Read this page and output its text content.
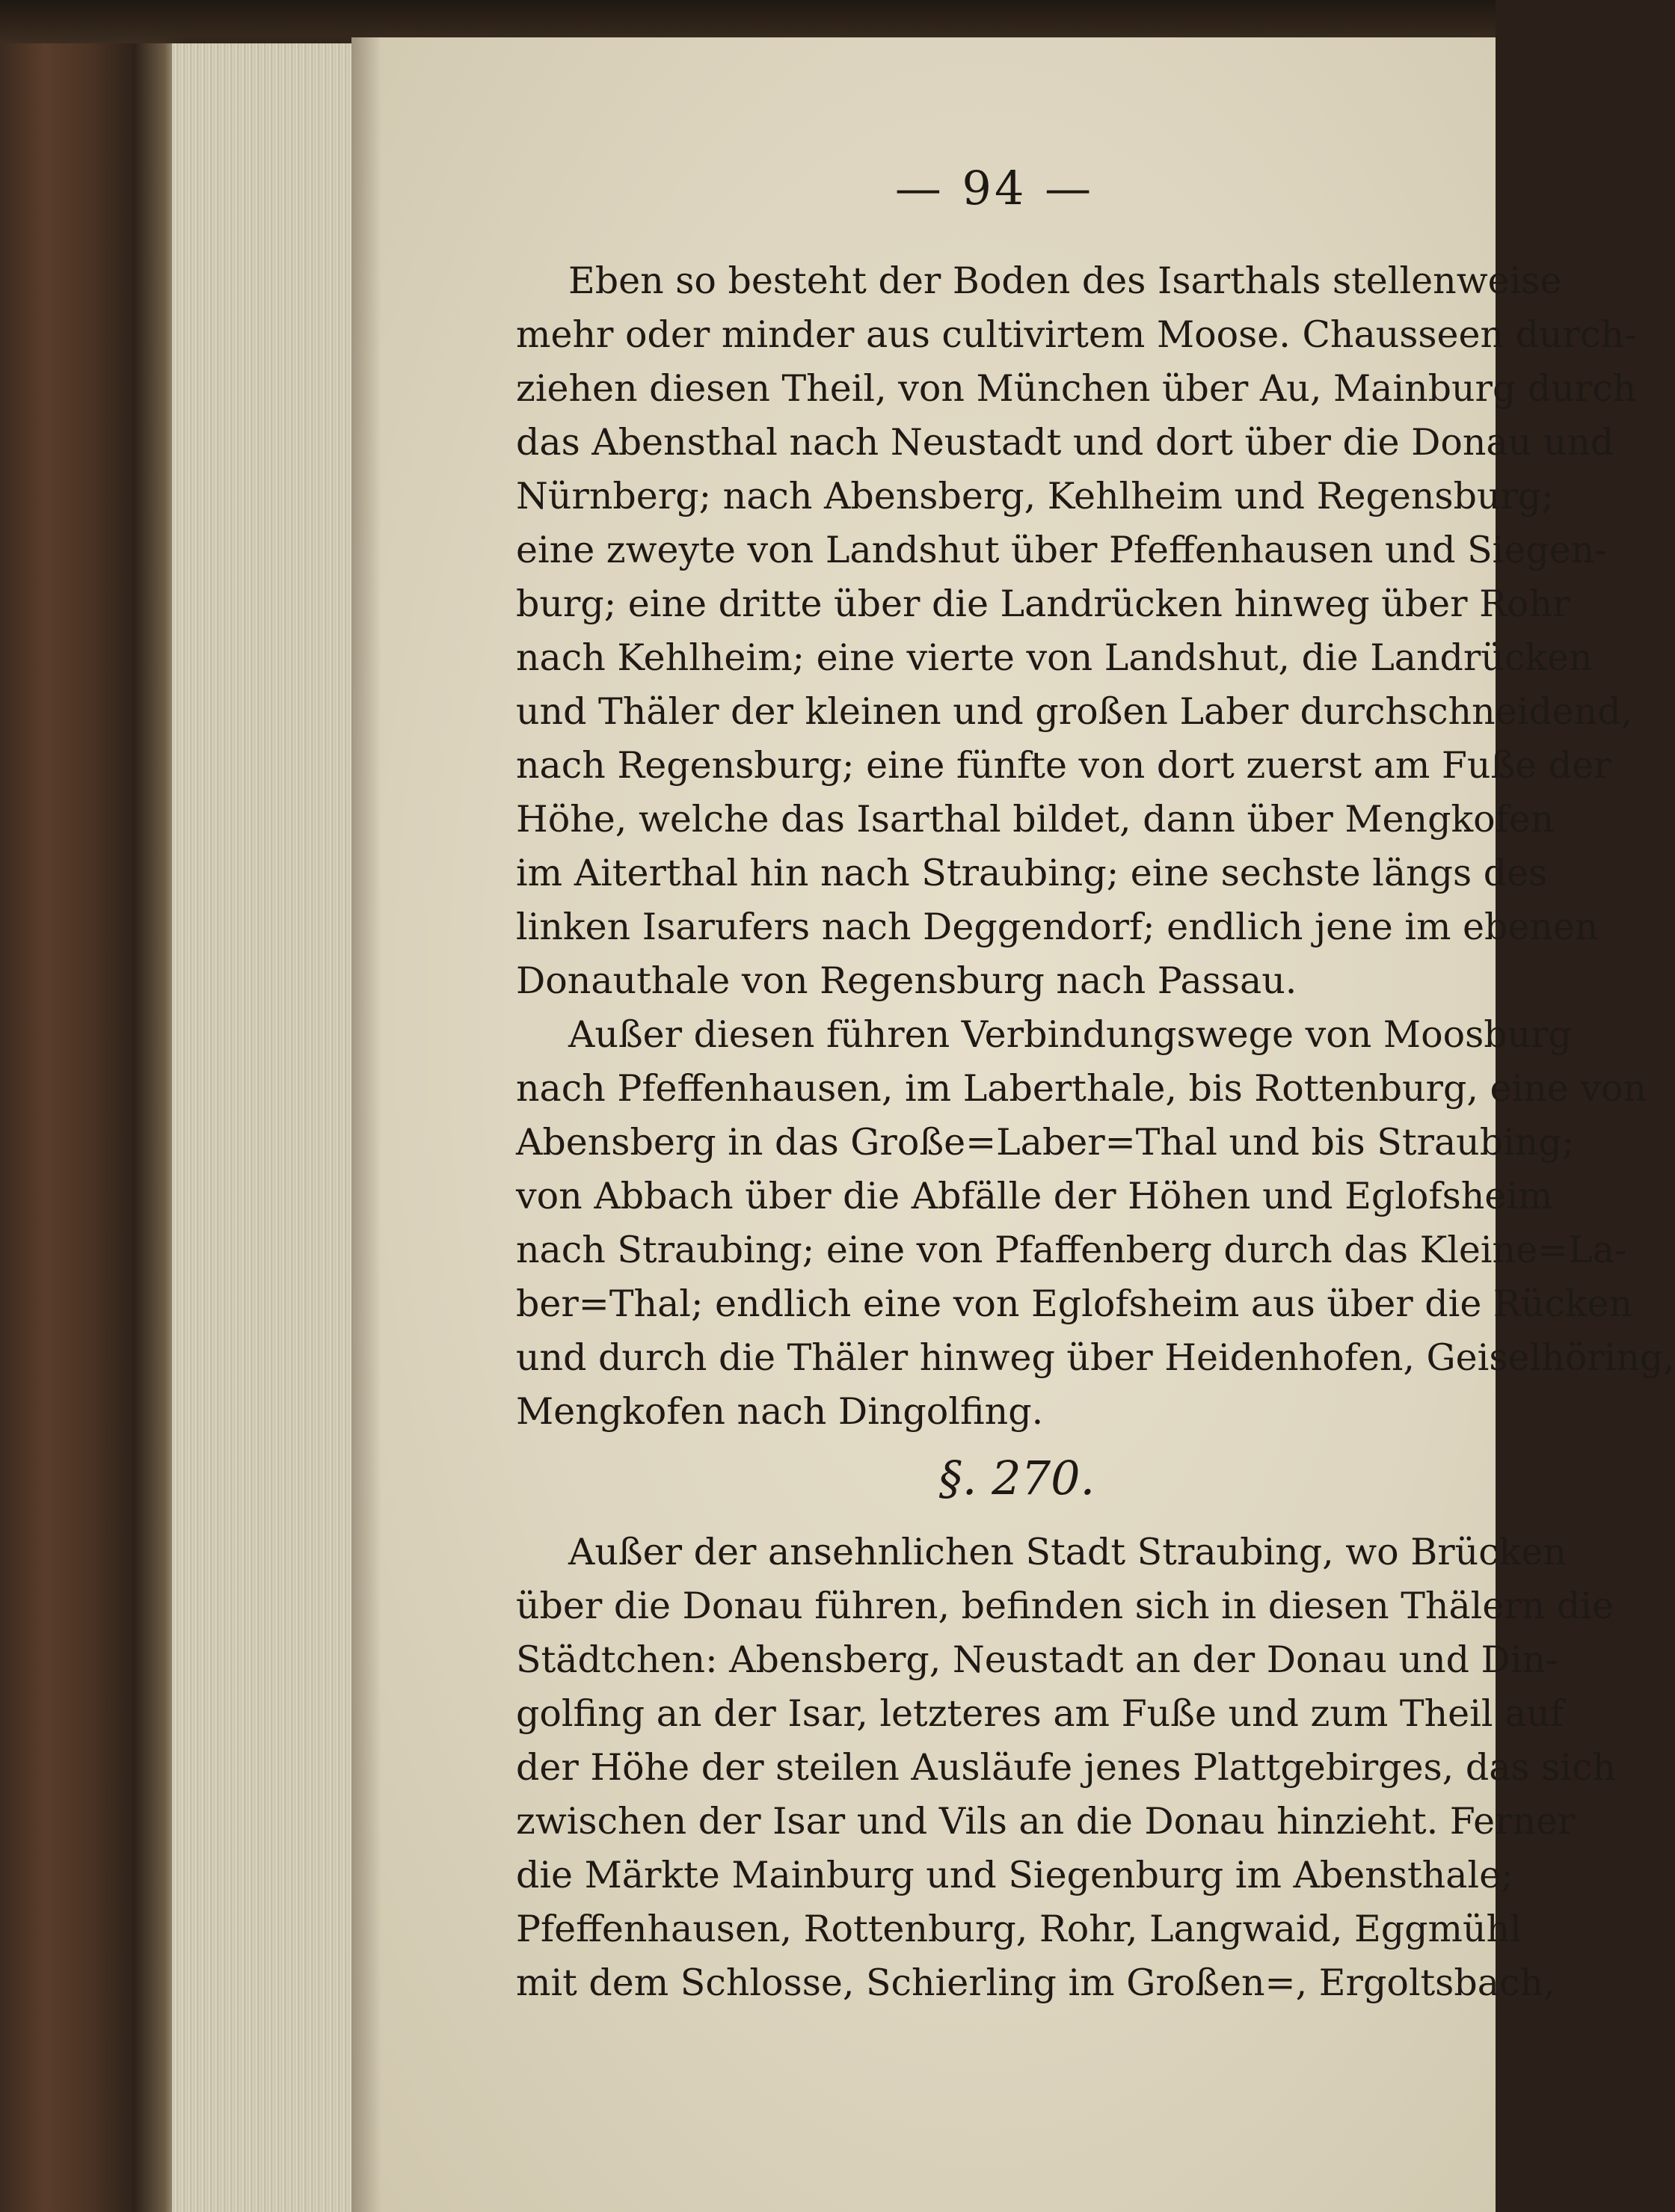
— 94 —
Eben so besteht der Boden des Isarthals stellenweise
mehr oder minder aus cultivirtem Moose. Chausseen durch-
ziehen diesen Theil, von München über Au, Mainburg durch
das Abensthal nach Neustadt und dort über die Donau und
Nürnberg; nach Abensberg, Kehlheim und Regensburg;
eine zweyte von Landshut über Pfeffenhausen und Siegen-
burg; eine dritte über die Landrücken hinweg über Rohr
nach Kehlheim; eine vierte von Landshut, die Landrücken
und Thäler der kleinen und großen Laber durchschneidend,
nach Regensburg; eine fünfte von dort zuerst am Fuße der
Höhe, welche das Isarthal bildet, dann über Mengkofen
im Aiterthal hin nach Straubing; eine sechste längs des
linken Isarufers nach Deggendorf; endlich jene im ebenen
Donauthale von Regensburg nach Passau.
Außer diesen führen Verbindungswege von Moosburg
nach Pfeffenhausen, im Laberthale, bis Rottenburg, eine von
Abensberg in das Große=Laber=Thal und bis Straubing;
von Abbach über die Abfälle der Höhen und Eglofsheim
nach Straubing; eine von Pfaffenberg durch das Kleine=La-
ber=Thal; endlich eine von Eglofsheim aus über die Rücken
und durch die Thäler hinweg über Heidenhofen, Geiselhöring,
Mengkofen nach Dingolfing.
§. 270.
Außer der ansehnlichen Stadt Straubing, wo Brücken
über die Donau führen, befinden sich in diesen Thälern die
Städtchen: Abensberg, Neustadt an der Donau und Din-
golfing an der Isar, letzteres am Fuße und zum Theil auf
der Höhe der steilen Ausläufe jenes Plattgebirges, das sich
zwischen der Isar und Vils an die Donau hinzieht. Ferner
die Märkte Mainburg und Siegenburg im Abensthale;
Pfeffenhausen, Rottenburg, Rohr, Langwaid, Eggmühl
mit dem Schlosse, Schierling im Großen=, Ergoltsbach,
